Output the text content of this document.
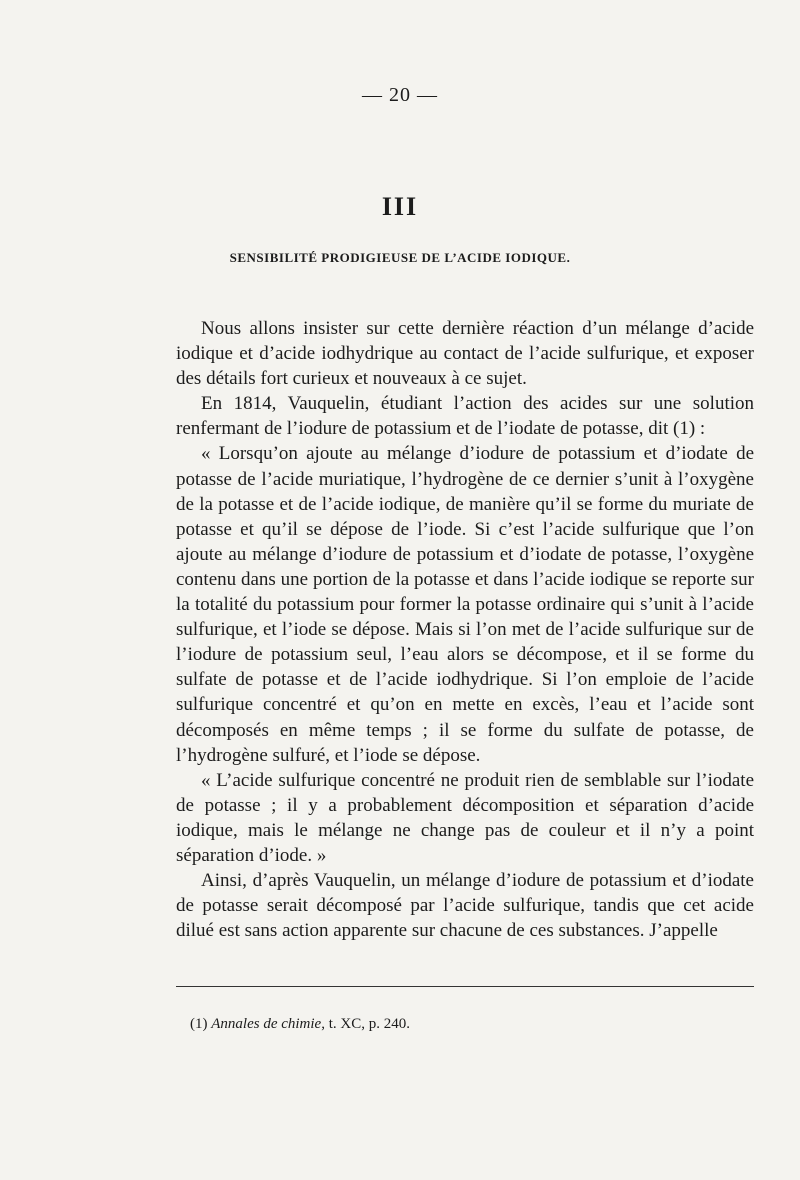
— 20 —
III
SENSIBILITÉ PRODIGIEUSE DE L’ACIDE IODIQUE.

Nous allons insister sur cette dernière réaction d’un mélange d’acide iodique et d’acide iodhydrique au contact de l’acide sulfurique, et exposer des détails fort curieux et nouveaux à ce sujet.

En 1814, Vauquelin, étudiant l’action des acides sur une solution renfermant de l’iodure de potassium et de l’iodate de potasse, dit (1) :

« Lorsqu’on ajoute au mélange d’iodure de potassium et d’iodate de potasse de l’acide muriatique, l’hydrogène de ce dernier s’unit à l’oxygène de la potasse et de l’acide iodique, de manière qu’il se forme du muriate de potasse et qu’il se dépose de l’iode. Si c’est l’acide sulfurique que l’on ajoute au mélange d’iodure de potassium et d’iodate de potasse, l’oxygène contenu dans une portion de la potasse et dans l’acide iodique se reporte sur la totalité du potassium pour former la potasse ordinaire qui s’unit à l’acide sulfurique, et l’iode se dépose. Mais si l’on met de l’acide sulfurique sur de l’iodure de potassium seul, l’eau alors se décompose, et il se forme du sulfate de potasse et de l’acide iodhydrique. Si l’on emploie de l’acide sulfurique concentré et qu’on en mette en excès, l’eau et l’acide sont décomposés en même temps ; il se forme du sulfate de potasse, de l’hydrogène sulfuré, et l’iode se dépose.

« L’acide sulfurique concentré ne produit rien de semblable sur l’iodate de potasse ; il y a probablement décomposition et séparation d’acide iodique, mais le mélange ne change pas de couleur et il n’y a point séparation d’iode. »

Ainsi, d’après Vauquelin, un mélange d’iodure de potassium et d’iodate de potasse serait décomposé par l’acide sulfurique, tandis que cet acide dilué est sans action apparente sur chacune de ces substances. J’appelle

(1) Annales de chimie, t. XC, p. 240.
